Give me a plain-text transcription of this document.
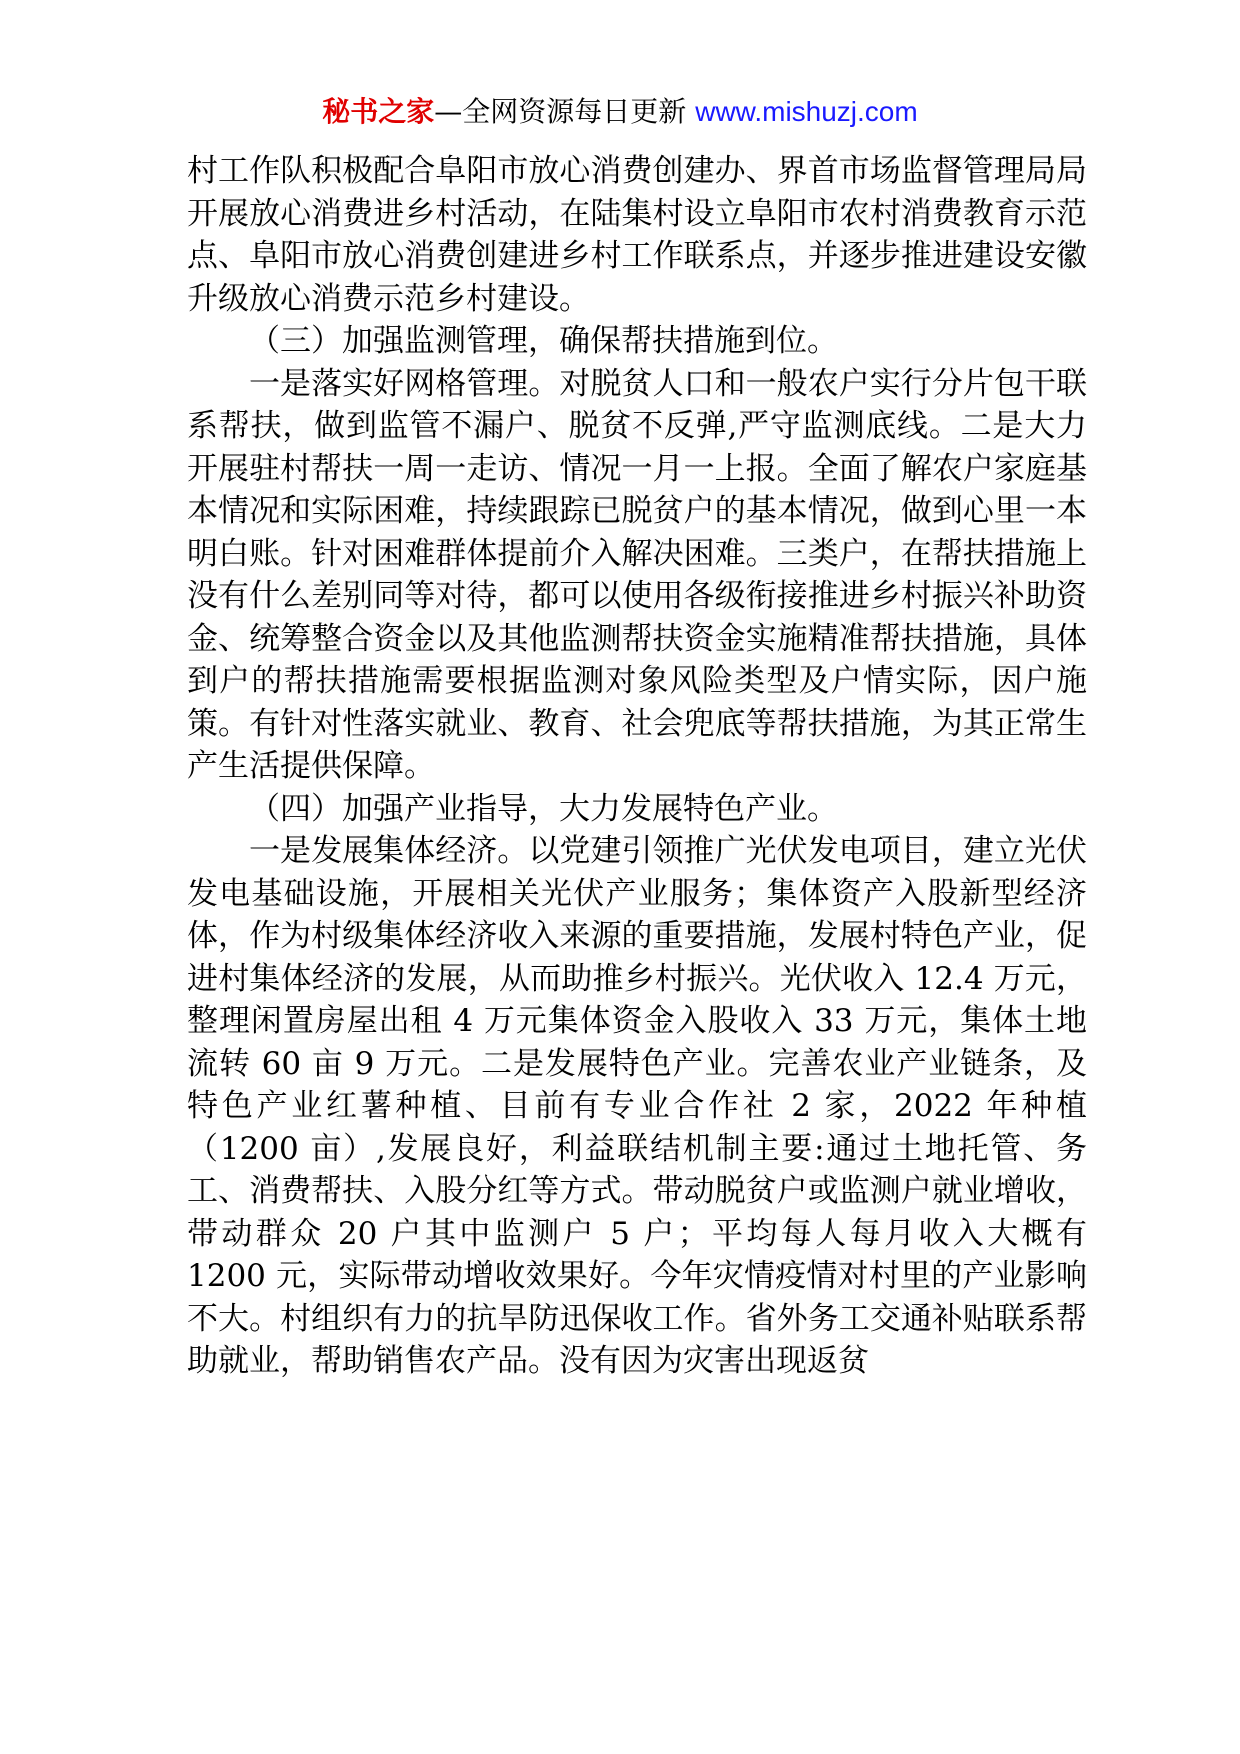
秘书之家—全网资源每日更新 www.mishuzj.com

村工作队积极配合阜阳市放心消费创建办、界首市场监督管理局局开展放心消费进乡村活动，在陆集村设立阜阳市农村消费教育示范点、阜阳市放心消费创建进乡村工作联系点，并逐步推进建设安徽升级放心消费示范乡村建设。

（三）加强监测管理，确保帮扶措施到位。

一是落实好网格管理。对脱贫人口和一般农户实行分片包干联系帮扶，做到监管不漏户、脱贫不反弹,严守监测底线。二是大力开展驻村帮扶一周一走访、情况一月一上报。全面了解农户家庭基本情况和实际困难，持续跟踪已脱贫户的基本情况，做到心里一本明白账。针对困难群体提前介入解决困难。三类户，在帮扶措施上没有什么差别同等对待，都可以使用各级衔接推进乡村振兴补助资金、统筹整合资金以及其他监测帮扶资金实施精准帮扶措施，具体到户的帮扶措施需要根据监测对象风险类型及户情实际，因户施策。有针对性落实就业、教育、社会兜底等帮扶措施，为其正常生产生活提供保障。

（四）加强产业指导，大力发展特色产业。

一是发展集体经济。以党建引领推广光伏发电项目，建立光伏发电基础设施，开展相关光伏产业服务；集体资产入股新型经济体，作为村级集体经济收入来源的重要措施，发展村特色产业，促进村集体经济的发展，从而助推乡村振兴。光伏收入 12.4 万元，整理闲置房屋出租 4 万元集体资金入股收入 33 万元，集体土地流转 60 亩 9 万元。二是发展特色产业。完善农业产业链条，及特色产业红薯种植、目前有专业合作社 2 家，2022 年种植（1200 亩）,发展良好，利益联结机制主要:通过土地托管、务工、消费帮扶、入股分红等方式。带动脱贫户或监测户就业增收，带动群众 20 户其中监测户 5 户；平均每人每月收入大概有 1200 元，实际带动增收效果好。今年灾情疫情对村里的产业影响不大。村组织有力的抗旱防迅保收工作。省外务工交通补贴联系帮助就业，帮助销售农产品。没有因为灾害出现返贫
